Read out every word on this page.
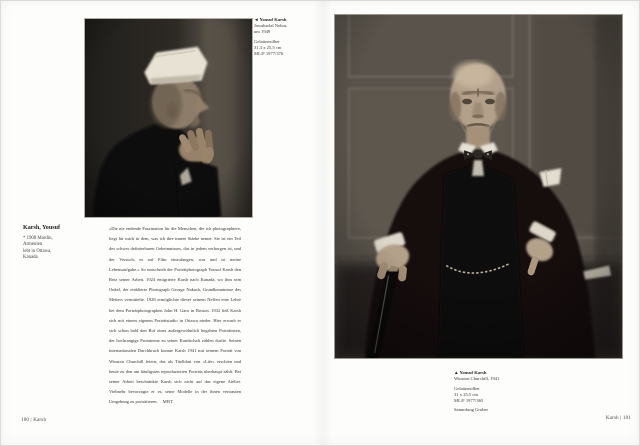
◄ Yousuf Karsh
Jawaharlal Nehru,
um 1949
Gelatinesilber
31,3 x 25,5 cm
ML/F 1977/376
Karsh, Yousuf
* 1908 Mardin,
Armenien
lebt in Ottawa,
Kanada
«Die nie endende Faszination für die Menschen, die ich photographiere, liegt für mich in dem, was ich ihre innere Stärke nenne. Sie ist ein Teil des schwer definierbaren Geheimnisses, das in jedem verborgen ist, und der Versuch, es auf Film einzufangen, war und ist meine Lebensaufgabe.» So umschrieb der Porträtphotograph Yousuf Karsh den Reiz seiner Arbeit. 1924 emigrierte Karsh nach Kanada, wo ihm sein Onkel, der etablierte Photograph George Nakash, Grundkenntnisse des Metiers vermittelte. 1928 ermöglichte dieser seinem Neffen eine Lehre bei dem Porträtphotographen John H. Garo in Boston. 1932 ließ Karsh sich mit einem eigenen Porträtstudio in Ottawa nieder. Hier erwarb er sich schon bald den Ruf eines außergewöhnlich begabten Porträtisten, der hochrangige Prominenz zu seiner Kundschaft zählen durfte. Seinen internationalen Durchbruch konnte Karsh 1941 mit seinem Porträt von Winston Churchill feiern, das als Titelblatt von «Life» erschien und heute zu den am häufigsten reproduzierten Porträts überhaupt zählt. Bei seiner Arbeit beschränkte Karsh sich nicht auf das eigene Atelier. Vielmehr bevorzugte er es, seine Modelle in der ihnen vertrauten Umgebung zu porträtieren. MBT
100 | Karsh
▲ Yousuf Karsh
Winston Churchill, 1941
Gelatinesilber
31 x 25,5 cm
ML/F 1977/365
Sammlung Gruber
Karsh | 101
